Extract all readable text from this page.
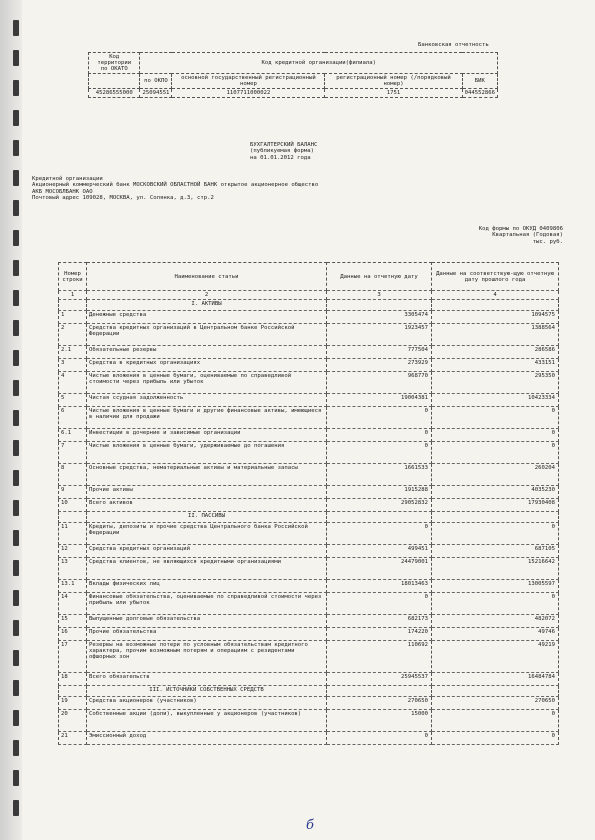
Банковская отчетность
Код территории
по ОКАТО	Код кредитной организации(филиала)			
	по ОКПО	основной государственный регистрационный номер	регистрационный номер (/порядковый номер)	БИК
45286555000	25094551	1107711000022	1751	044552866
БУХГАЛТЕРСКИЙ БАЛАНС
(публикуемая форма)
на 01.01.2012 года
Кредитной организации
Акционерный коммерческий банк МОСКОВСКИЙ ОБЛАСТНОЙ БАНК открытое акционерное общество
АКБ МОСОБЛБАНК ОАО
Почтовый адрес 109028, МОСКВА, ул. Солянка, д.3, стр.2
Код формы по ОКУД 0409806
Квартальная (Годовая)
тыс. руб.
Номер строки	Наименование статьи	Данные на отчетную дату	Данные на соответствую-щую отчетную дату прошлого года
1	2	3	4
	I. АКТИВЫ		
1	Денежные средства	3305474	1094575
2	Средства кредитных организаций в Центральном банке Российской Федерации	1923457	1388564
2.1	Обязательные резервы	777504	286586
3	Средства в кредитных организациях	273929	433151
4	Чистые вложения в ценные бумаги, оцениваемые по справедливой стоимости через прибыль или убыток	968770	295350
5	Чистая ссудная задолженность	19004381	10423334
6	Чистые вложения в ценные бумаги и другие финансовые активы, имеющиеся в наличии для продажи	0	0
6.1	Инвестиции в дочерние и зависимые организации	0	0
7	Чистые вложения в ценные бумаги, удерживаемые до погашения	0	0
8	Основные средства, нематериальные активы и материальные запасы	1661533	260204
9	Прочие активы	1915288	4035230
10	Всего активов	29052832	17930408
	II. ПАССИВЫ		
11	Кредиты, депозиты и прочие средства Центрального банка Российской Федерации	0	0
12	Средства кредитных организаций	499451	687105
13	Средства клиентов, не являющихся кредитными организациями	24479001	15216642
13.1	Вклады физических лиц	18013463	13005597
14	Финансовые обязательства, оцениваемые по справедливой стоимости через прибыль или убыток	0	0
15	Выпущенные долговые обязательства	682173	482072
16	Прочие обязательства	174220	49746
17	Резервы на возможные потери по условным обязательствам кредитного характера, прочим возможным потерям и операциям с резидентами офшорных зон	110692	49219
18	Всего обязательств	25945537	16484784
	III. ИСТОЧНИКИ СОБСТВЕННЫХ СРЕДСТВ		
19	Средства акционеров (участников)	270650	270650
20	Собственные акции (доли), выкупленные у акционеров (участников)	15000	0
21	Эмиссионный доход	0	0
б
